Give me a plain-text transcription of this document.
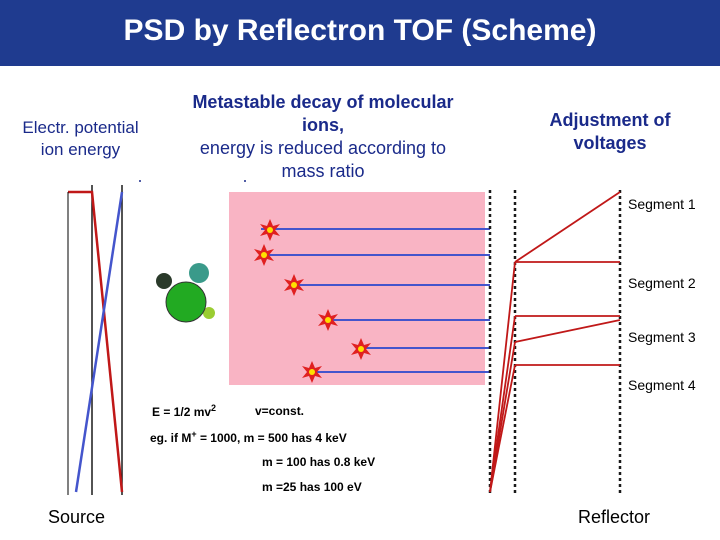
PSD by Reflectron TOF (Scheme)
Electr. potential
ion energy
Metastable decay of molecular
ions,
energy is reduced according to
mass ratio
Adjustment of
voltages
Segment 1
Segment 2
Segment 3
Segment 4
E = 1/2 $mv^2$	v=const.
eg. if M+ = 1000, m = 500 has 4 keV
m = 100 has 0.8 keV
m =25 has 100 eV
Source	Reflector
